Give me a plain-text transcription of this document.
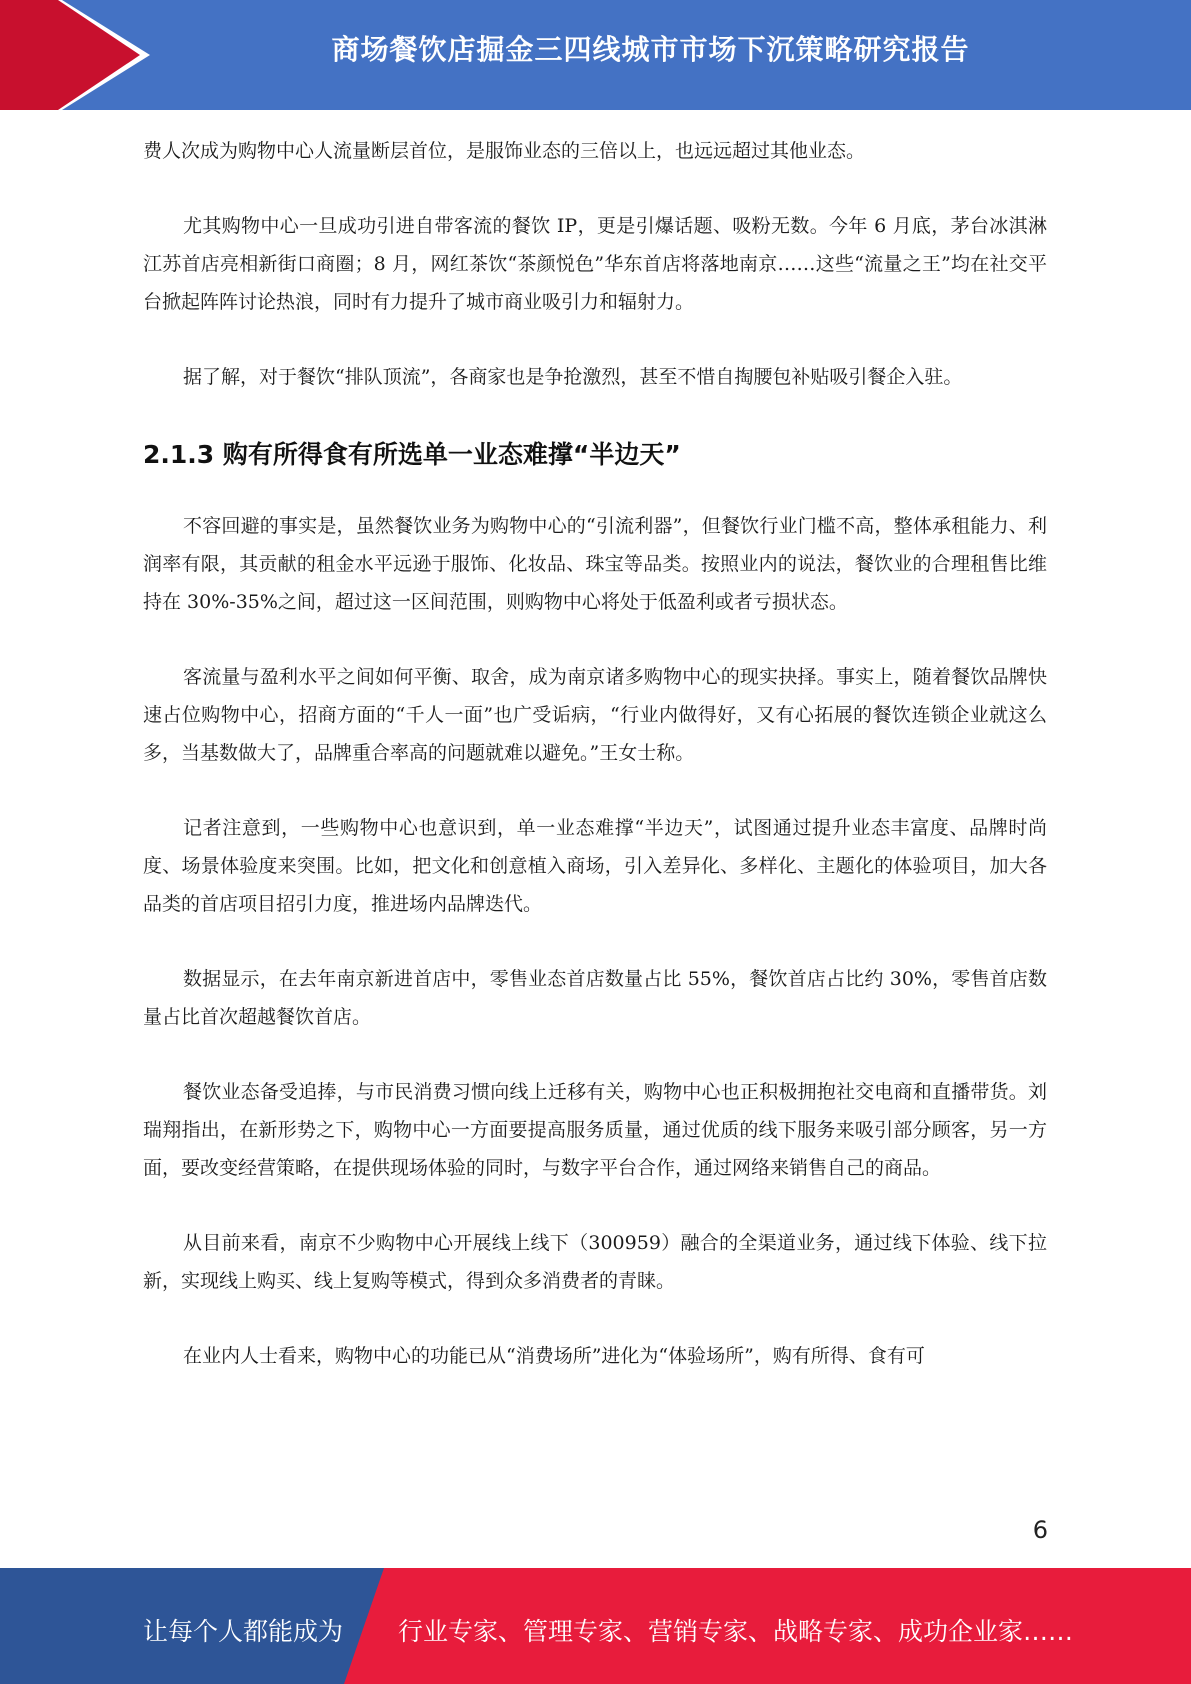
商场餐饮店掘金三四线城市市场下沉策略研究报告

费人次成为购物中心人流量断层首位，是服饰业态的三倍以上，也远远超过其他业态。

尤其购物中心一旦成功引进自带客流的餐饮 IP，更是引爆话题、吸粉无数。今年 6 月底，茅台冰淇淋江苏首店亮相新街口商圈；8 月，网红茶饮“茶颜悦色”华东首店将落地南京……这些“流量之王”均在社交平台掀起阵阵讨论热浪，同时有力提升了城市商业吸引力和辐射力。

据了解，对于餐饮“排队顶流”，各商家也是争抢激烈，甚至不惜自掏腰包补贴吸引餐企入驻。

2.1.3 购有所得食有所选单一业态难撑“半边天”

不容回避的事实是，虽然餐饮业务为购物中心的“引流利器”，但餐饮行业门槛不高，整体承租能力、利润率有限，其贡献的租金水平远逊于服饰、化妆品、珠宝等品类。按照业内的说法，餐饮业的合理租售比维持在 30%-35%之间，超过这一区间范围，则购物中心将处于低盈利或者亏损状态。

客流量与盈利水平之间如何平衡、取舍，成为南京诸多购物中心的现实抉择。事实上，随着餐饮品牌快速占位购物中心，招商方面的“千人一面”也广受诟病，“行业内做得好，又有心拓展的餐饮连锁企业就这么多，当基数做大了，品牌重合率高的问题就难以避免。”王女士称。

记者注意到，一些购物中心也意识到，单一业态难撑“半边天”，试图通过提升业态丰富度、品牌时尚度、场景体验度来突围。比如，把文化和创意植入商场，引入差异化、多样化、主题化的体验项目，加大各品类的首店项目招引力度，推进场内品牌迭代。

数据显示，在去年南京新进首店中，零售业态首店数量占比 55%，餐饮首店占比约 30%，零售首店数量占比首次超越餐饮首店。

餐饮业态备受追捧，与市民消费习惯向线上迁移有关，购物中心也正积极拥抱社交电商和直播带货。刘瑞翔指出，在新形势之下，购物中心一方面要提高服务质量，通过优质的线下服务来吸引部分顾客，另一方面，要改变经营策略，在提供现场体验的同时，与数字平台合作，通过网络来销售自己的商品。

从目前来看，南京不少购物中心开展线上线下（300959）融合的全渠道业务，通过线下体验、线下拉新，实现线上购买、线上复购等模式，得到众多消费者的青睐。

在业内人士看来，购物中心的功能已从“消费场所”进化为“体验场所”，购有所得、食有可

6
让每个人都能成为 行业专家、管理专家、营销专家、战略专家、成功企业家……
